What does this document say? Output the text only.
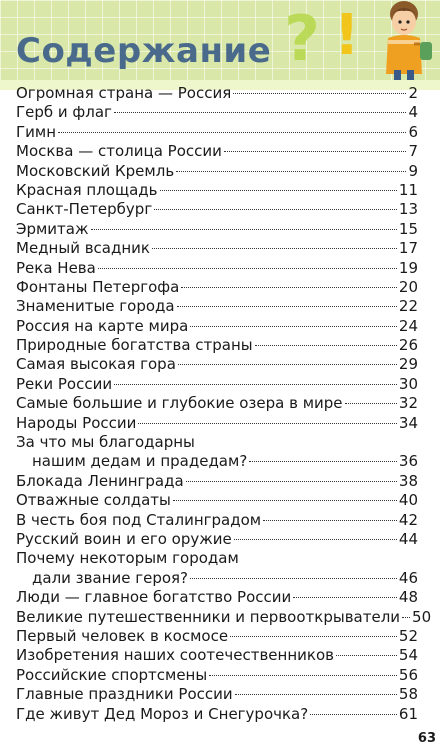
? !
Содержание
Огромная страна — Россия	2
Герб и флаг	4
Гимн	6
Москва — столица России	7
Московский Кремль	9
Красная площадь	11
Санкт-Петербург	13
Эрмитаж	15
Медный всадник	17
Река Нева	19
Фонтаны Петергофа	20
Знаменитые города	22
Россия на карте мира	24
Природные богатства страны	26
Самая высокая гора	29
Реки России	30
Самые большие и глубокие озера в мире	32
Народы России	34
За что мы благодарны
нашим дедам и прадедам?	36
Блокада Ленинграда	38
Отважные солдаты	40
В честь боя под Сталинградом	42
Русский воин и его оружие	44
Почему некоторым городам
дали звание героя?	46
Люди — главное богатство России	48
Великие путешественники и первооткрыватели 50
Первый человек в космосе	52
Изобретения наших соотечественников	54
Российские спортсмены	56
Главные праздники России	58
Где живут Дед Мороз и Снегурочка?	61
63
